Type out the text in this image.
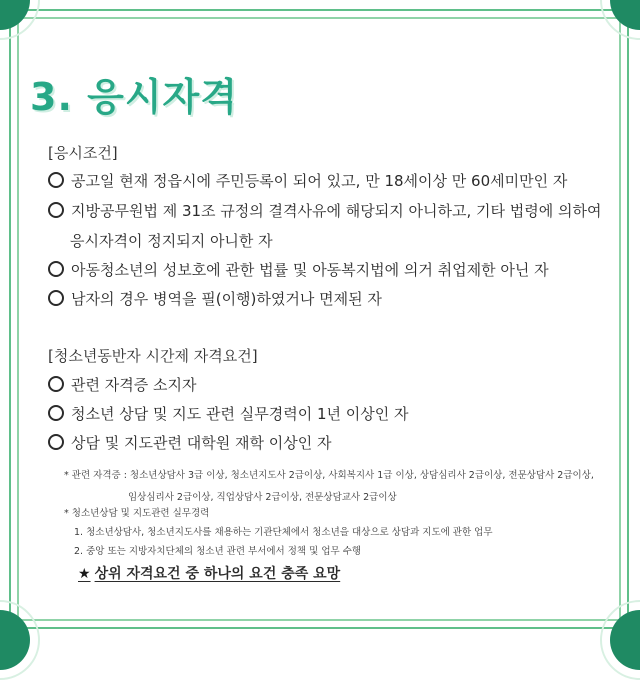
3. 응시자격
[응시조건]
공고일 현재 정읍시에 주민등록이 되어 있고, 만 18세이상 만 60세미만인 자
지방공무원법 제 31조 규정의 결격사유에 해당되지 아니하고, 기타 법령에 의하여
응시자격이 정지되지 아니한 자
아동청소년의 성보호에 관한 법률 및 아동복지법에 의거 취업제한 아닌 자
남자의 경우 병역을 필(이행)하였거나 면제된 자
[청소년동반자 시간제 자격요건]
관련 자격증 소지자
청소년 상담 및 지도 관련 실무경력이 1년 이상인 자
상담 및 지도관련 대학원 재학 이상인 자
* 관련 자격증 : 청소년상담사 3급 이상, 청소년지도사 2급이상, 사회복지사 1급 이상, 상담심리사 2급이상, 전문상담사 2급이상,
임상심리사 2급이상, 직업상담사 2급이상, 전문상담교사 2급이상
* 청소년상담 및 지도관련 실무경력
1. 청소년상담사, 청소년지도사를 채용하는 기관단체에서 청소년을 대상으로 상담과 지도에 관한 업무
2. 중앙 또는 지방자치단체의 청소년 관련 부서에서 정책 및 업무 수행
★ 상위 자격요건 중 하나의 요건 충족 요망
